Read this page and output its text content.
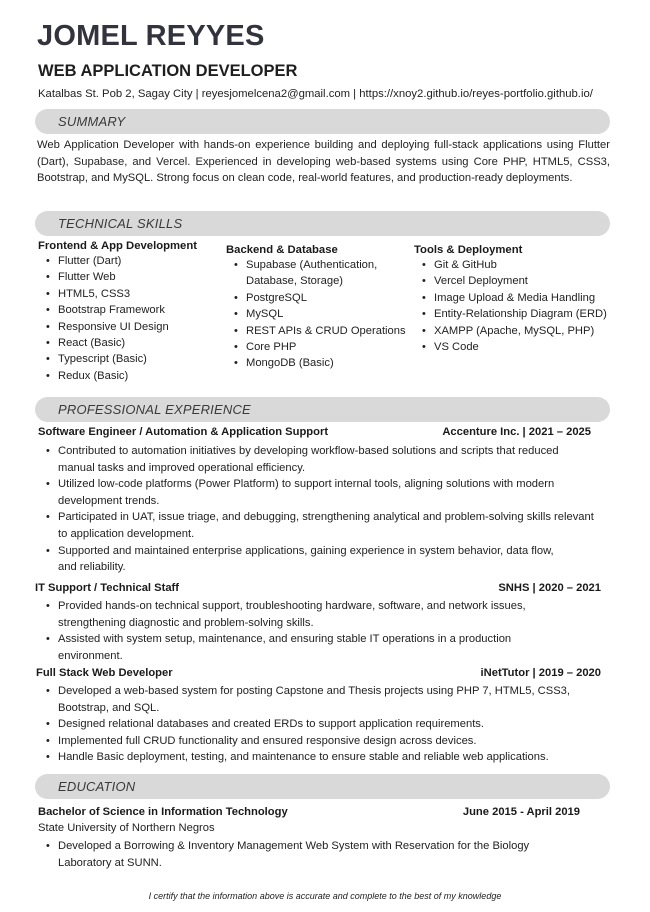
JOMEL REYYES
WEB APPLICATION DEVELOPER
Katalbas St. Pob 2, Sagay City | reyesjomelcena2@gmail.com | https://xnoy2.github.io/reyes-portfolio.github.io/
SUMMARY
Web Application Developer with hands-on experience building and deploying full-stack applications using Flutter (Dart), Supabase, and Vercel. Experienced in developing web-based systems using Core PHP, HTML5, CSS3, Bootstrap, and MySQL. Strong focus on clean code, real-world features, and production-ready deployments.
TECHNICAL SKILLS
Frontend & App Development
• Flutter (Dart)
• Flutter Web
• HTML5, CSS3
• Bootstrap Framework
• Responsive UI Design
• React (Basic)
• Typescript (Basic)
• Redux (Basic)
Backend & Database
• Supabase (Authentication, Database, Storage)
• PostgreSQL
• MySQL
• REST APIs & CRUD Operations
• Core PHP
• MongoDB (Basic)
Tools & Deployment
• Git & GitHub
• Vercel Deployment
• Image Upload & Media Handling
• Entity-Relationship Diagram (ERD)
• XAMPP (Apache, MySQL, PHP)
• VS Code
PROFESSIONAL EXPERIENCE
Software Engineer / Automation & Application Support	Accenture Inc. | 2021 – 2025
• Contributed to automation initiatives by developing workflow-based solutions and scripts that reduced manual tasks and improved operational efficiency.
• Utilized low-code platforms (Power Platform) to support internal tools, aligning solutions with modern development trends.
• Participated in UAT, issue triage, and debugging, strengthening analytical and problem-solving skills relevant to application development.
• Supported and maintained enterprise applications, gaining experience in system behavior, data flow, and reliability.
IT Support / Technical Staff	SNHS | 2020 – 2021
• Provided hands-on technical support, troubleshooting hardware, software, and network issues, strengthening diagnostic and problem-solving skills.
• Assisted with system setup, maintenance, and ensuring stable IT operations in a production environment.
Full Stack Web Developer	iNetTutor | 2019 – 2020
• Developed a web-based system for posting Capstone and Thesis projects using PHP 7, HTML5, CSS3, Bootstrap, and SQL.
• Designed relational databases and created ERDs to support application requirements.
• Implemented full CRUD functionality and ensured responsive design across devices.
• Handle Basic deployment, testing, and maintenance to ensure stable and reliable web applications.
EDUCATION
Bachelor of Science in Information Technology	June 2015 - April 2019
State University of Northern Negros
• Developed a Borrowing & Inventory Management Web System with Reservation for the Biology Laboratory at SUNN.
I certify that the information above is accurate and complete to the best of my knowledge
